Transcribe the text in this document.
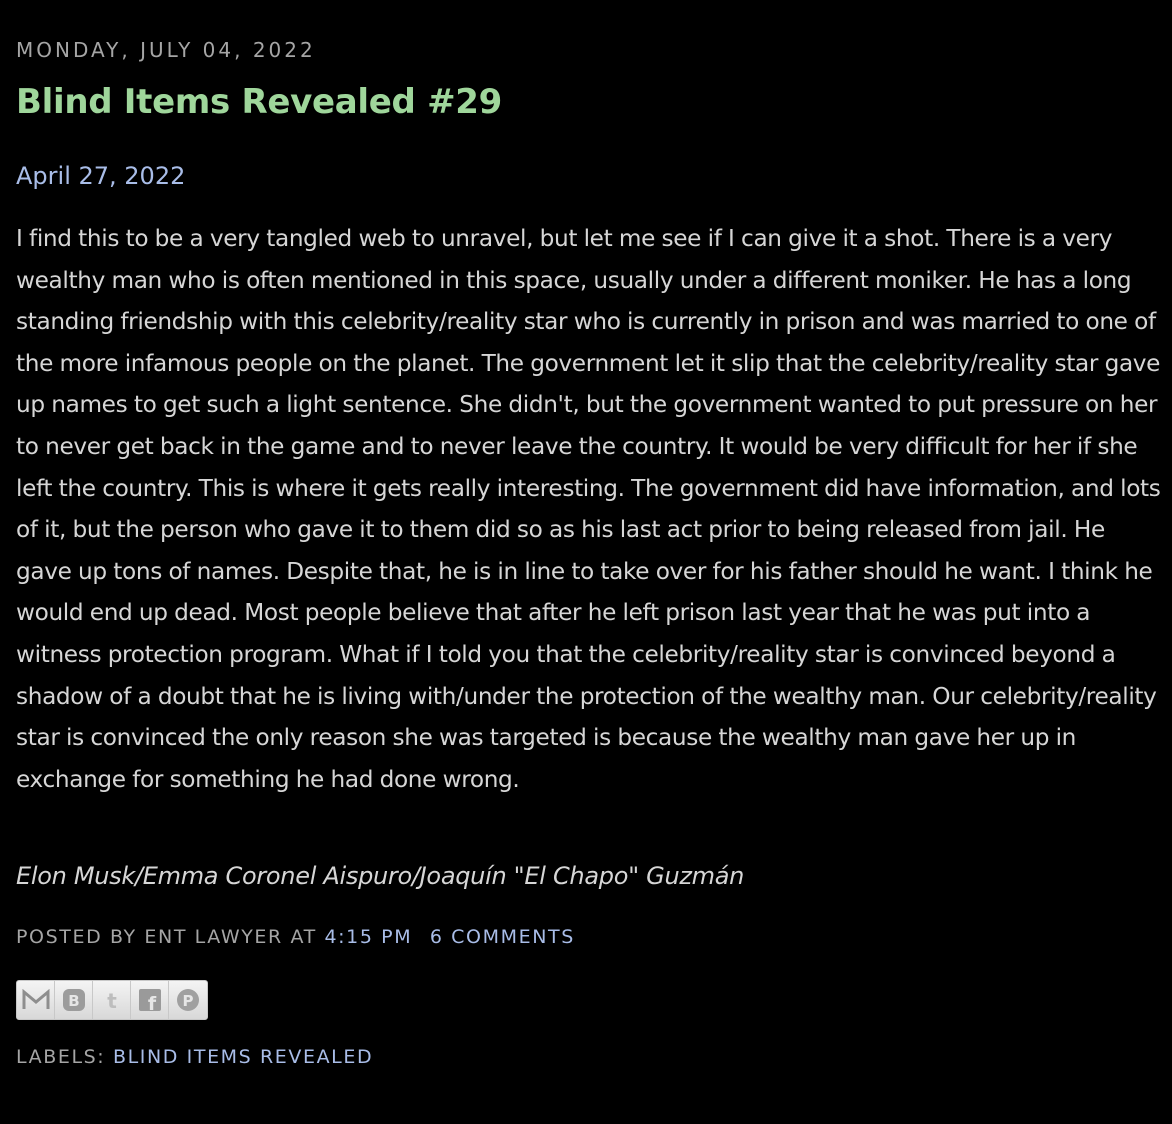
MONDAY, JULY 04, 2022
Blind Items Revealed #29
April 27, 2022
I find this to be a very tangled web to unravel, but let me see if I can give it a shot. There is a very wealthy man who is often mentioned in this space, usually under a different moniker. He has a long standing friendship with this celebrity/reality star who is currently in prison and was married to one of the more infamous people on the planet. The government let it slip that the celebrity/reality star gave up names to get such a light sentence. She didn't, but the government wanted to put pressure on her to never get back in the game and to never leave the country. It would be very difficult for her if she left the country. This is where it gets really interesting. The government did have information, and lots of it, but the person who gave it to them did so as his last act prior to being released from jail. He gave up tons of names. Despite that, he is in line to take over for his father should he want. I think he would end up dead. Most people believe that after he left prison last year that he was put into a witness protection program. What if I told you that the celebrity/reality star is convinced beyond a shadow of a doubt that he is living with/under the protection of the wealthy man. Our celebrity/reality star is convinced the only reason she was targeted is because the wealthy man gave her up in exchange for something he had done wrong.
Elon Musk/Emma Coronel Aispuro/Joaquín "El Chapo" Guzmán
POSTED BY ENT LAWYER AT 4:15 PM 6 COMMENTS
B t f P
LABELS: BLIND ITEMS REVEALED
